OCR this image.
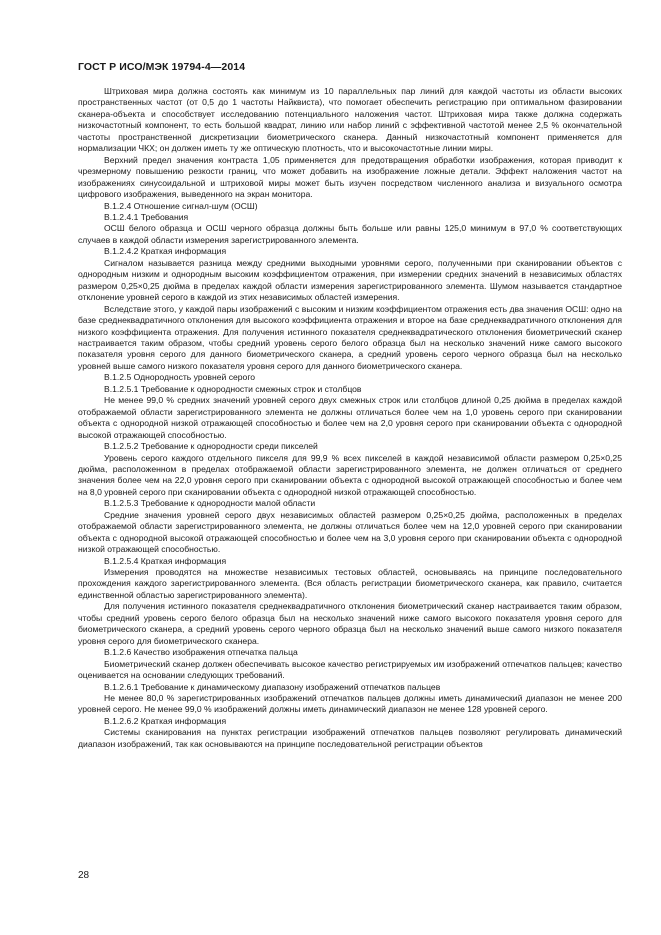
ГОСТ Р ИСО/МЭК 19794-4—2014

Штриховая мира должна состоять как минимум из 10 параллельных пар линий для каждой частоты из области высоких пространственных частот (от 0,5 до 1 частоты Найквиста), что помогает обеспечить регистрацию при оптимальном фазировании сканера-объекта и способствует исследованию потенциального наложения частот. Штриховая мира также должна содержать низкочастотный компонент, то есть большой квадрат, линию или набор линий с эффективной частотой менее 2,5 % окончательной частоты пространственной дискретизации биометрического сканера. Данный низкочастотный компонент применяется для нормализации ЧКХ; он должен иметь ту же оптическую плотность, что и высокочастотные линии миры.

Верхний предел значения контраста 1,05 применяется для предотвращения обработки изображения, которая приводит к чрезмерному повышению резкости границ, что может добавить на изображение ложные детали. Эффект наложения частот на изображениях синусоидальной и штриховой миры может быть изучен посредством численного анализа и визуального осмотра цифрового изображения, выведенного на экран монитора.

В.1.2.4 Отношение сигнал-шум (ОСШ)

В.1.2.4.1 Требования

ОСШ белого образца и ОСШ черного образца должны быть больше или равны 125,0 минимум в 97,0 % соответствующих случаев в каждой области измерения зарегистрированного элемента.

В.1.2.4.2 Краткая информация

Сигналом называется разница между средними выходными уровнями серого, полученными при сканировании объектов с однородным низким и однородным высоким коэффициентом отражения, при измерении средних значений в независимых областях размером 0,25×0,25 дюйма в пределах каждой области измерения зарегистрированного элемента. Шумом называется стандартное отклонение уровней серого в каждой из этих независимых областей измерения.

Вследствие этого, у каждой пары изображений с высоким и низким коэффициентом отражения есть два значения ОСШ: одно на базе среднеквадратичного отклонения для высокого коэффициента отражения и второе на базе среднеквадратичного отклонения для низкого коэффициента отражения. Для получения истинного показателя среднеквадратического отклонения биометрический сканер настраивается таким образом, чтобы средний уровень серого белого образца был на несколько значений ниже самого высокого показателя уровня серого для данного биометрического сканера, а средний уровень серого черного образца был на несколько уровней выше самого низкого показателя уровня серого для данного биометрического сканера.

В.1.2.5 Однородность уровней серого

В.1.2.5.1 Требование к однородности смежных строк и столбцов

Не менее 99,0 % средних значений уровней серого двух смежных строк или столбцов длиной 0,25 дюйма в пределах каждой отображаемой области зарегистрированного элемента не должны отличаться более чем на 1,0 уровень серого при сканировании объекта с однородной низкой отражающей способностью и более чем на 2,0 уровня серого при сканировании объекта с однородной высокой отражающей способностью.

В.1.2.5.2 Требование к однородности среди пикселей

Уровень серого каждого отдельного пикселя для 99,9 % всех пикселей в каждой независимой области размером 0,25×0,25 дюйма, расположенном в пределах отображаемой области зарегистрированного элемента, не должен отличаться от среднего значения более чем на 22,0 уровня серого при сканировании объекта с однородной высокой отражающей способностью и более чем на 8,0 уровней серого при сканировании объекта с однородной низкой отражающей способностью.

В.1.2.5.3 Требование к однородности малой области

Средние значения уровней серого двух независимых областей размером 0,25×0,25 дюйма, расположенных в пределах отображаемой области зарегистрированного элемента, не должны отличаться более чем на 12,0 уровней серого при сканировании объекта с однородной высокой отражающей способностью и более чем на 3,0 уровня серого при сканировании объекта с однородной низкой отражающей способностью.

В.1.2.5.4 Краткая информация

Измерения проводятся на множестве независимых тестовых областей, основываясь на принципе последовательного прохождения каждого зарегистрированного элемента. (Вся область регистрации биометрического сканера, как правило, считается единственной областью зарегистрированного элемента).

Для получения истинного показателя среднеквадратичного отклонения биометрический сканер настраивается таким образом, чтобы средний уровень серого белого образца был на несколько значений ниже самого высокого показателя уровня серого для биометрического сканера, а средний уровень серого черного образца был на несколько значений выше самого низкого показателя уровня серого для биометрического сканера.

В.1.2.6 Качество изображения отпечатка пальца

Биометрический сканер должен обеспечивать высокое качество регистрируемых им изображений отпечатков пальцев; качество оценивается на основании следующих требований.

В.1.2.6.1 Требование к динамическому диапазону изображений отпечатков пальцев

Не менее 80,0 % зарегистрированных изображений отпечатков пальцев должны иметь динамический диапазон не менее 200 уровней серого. Не менее 99,0 % изображений должны иметь динамический диапазон не менее 128 уровней серого.

В.1.2.6.2 Краткая информация

Системы сканирования на пунктах регистрации изображений отпечатков пальцев позволяют регулировать динамический диапазон изображений, так как основываются на принципе последовательной регистрации объектов

28
